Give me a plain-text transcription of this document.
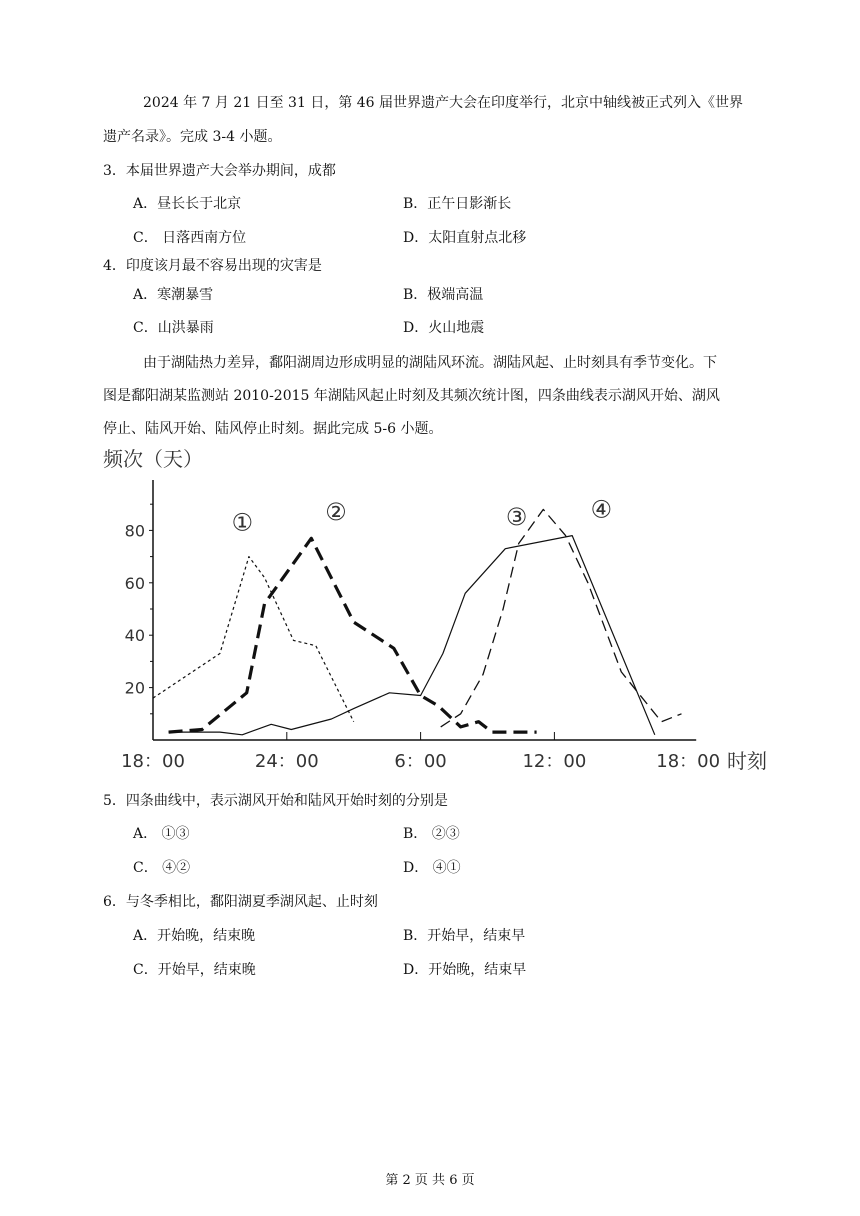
2024 年 7 月 21 日至 31 日，第 46 届世界遗产大会在印度举行，北京中轴线被正式列入《世界
遗产名录》。完成 3-4 小题。
3．本届世界遗产大会举办期间，成都
A．昼长长于北京	B．正午日影渐长
C． 日落西南方位	D．太阳直射点北移
4．印度该月最不容易出现的灾害是
A．寒潮暴雪	B．极端高温
C．山洪暴雨	D．火山地震
由于湖陆热力差异，鄱阳湖周边形成明显的湖陆风环流。湖陆风起、止时刻具有季节变化。下
图是鄱阳湖某监测站 2010-2015 年湖陆风起止时刻及其频次统计图，四条曲线表示湖风开始、湖风
停止、陆风开始、陆风停止时刻。据此完成 5-6 小题。
频次（天）
20
40
60
80
18：00	24：00	6：00	12：00	18：00
①	②	③	④
时刻
5．四条曲线中，表示湖风开始和陆风开始时刻的分别是
A． ①③	B． ②③
C． ④②	D． ④①
6．与冬季相比，鄱阳湖夏季湖风起、止时刻
A．开始晚，结束晚	B．开始早，结束早
C．开始早，结束晚	D．开始晚，结束早
第 2 页 共 6 页
